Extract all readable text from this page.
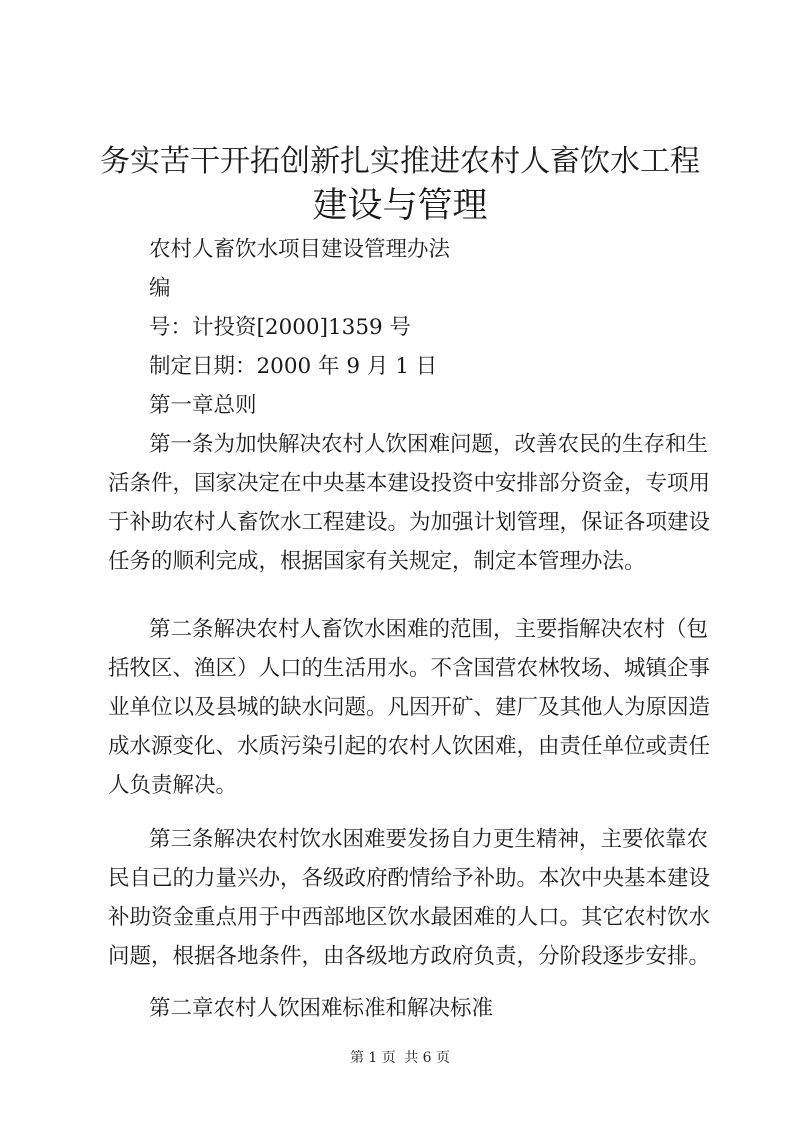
务实苦干开拓创新扎实推进农村人畜饮水工程
建设与管理

农村人畜饮水项目建设管理办法

编

号：计投资[2000]1359 号

制定日期：2000 年 9 月 1 日

第一章总则

第一条为加快解决农村人饮困难问题，改善农民的生存和生

活条件，国家决定在中央基本建设投资中安排部分资金，专项用

于补助农村人畜饮水工程建设。为加强计划管理，保证各项建设

任务的顺利完成，根据国家有关规定，制定本管理办法。

第二条解决农村人畜饮水困难的范围，主要指解决农村（包

括牧区、渔区）人口的生活用水。不含国营农林牧场、城镇企事

业单位以及县城的缺水问题。凡因开矿、建厂及其他人为原因造

成水源变化、水质污染引起的农村人饮困难，由责任单位或责任

人负责解决。

第三条解决农村饮水困难要发扬自力更生精神，主要依靠农

民自己的力量兴办，各级政府酌情给予补助。本次中央基本建设

补助资金重点用于中西部地区饮水最困难的人口。其它农村饮水

问题，根据各地条件，由各级地方政府负责，分阶段逐步安排。

第二章农村人饮困难标准和解决标准

第 1 页 共 6 页
